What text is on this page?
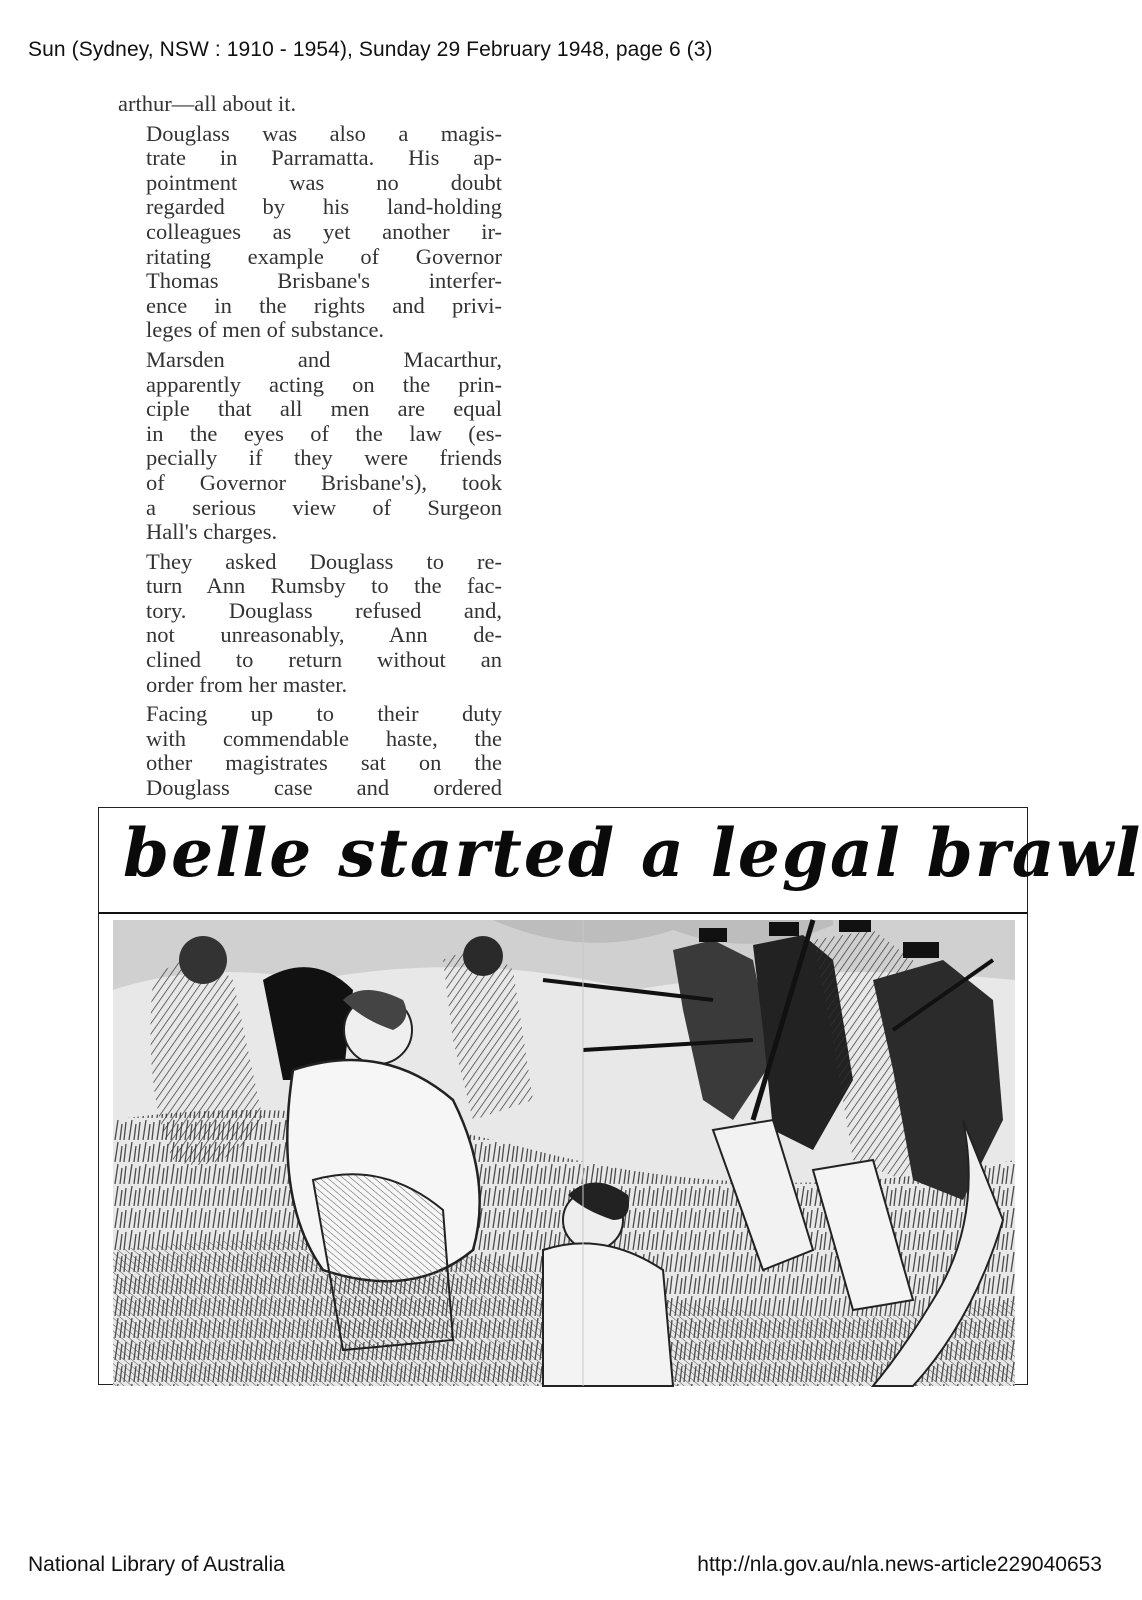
Sun (Sydney, NSW : 1910 - 1954), Sunday 29 February 1948, page 6 (3)

arthur—all about it.

Douglass was also a magis-
trate in Parramatta. His ap-
pointment was no doubt
regarded by his land-holding
colleagues as yet another ir-
ritating example of Governor
Thomas Brisbane's interfer-
ence in the rights and privi-
leges of men of substance.

Marsden and Macarthur,
apparently acting on the prin-
ciple that all men are equal
in the eyes of the law (es-
pecially if they were friends
of Governor Brisbane's), took
a serious view of Surgeon
Hall's charges.

They asked Douglass to re-
turn Ann Rumsby to the fac-
tory. Douglass refused and,
not unreasonably, Ann de-
clined to return without an
order from her master.

Facing up to their duty
with commendable haste, the
other magistrates sat on the
Douglass case and ordered

belle started a legal brawl
National Library of Australia	http://nla.gov.au/nla.news-article229040653
